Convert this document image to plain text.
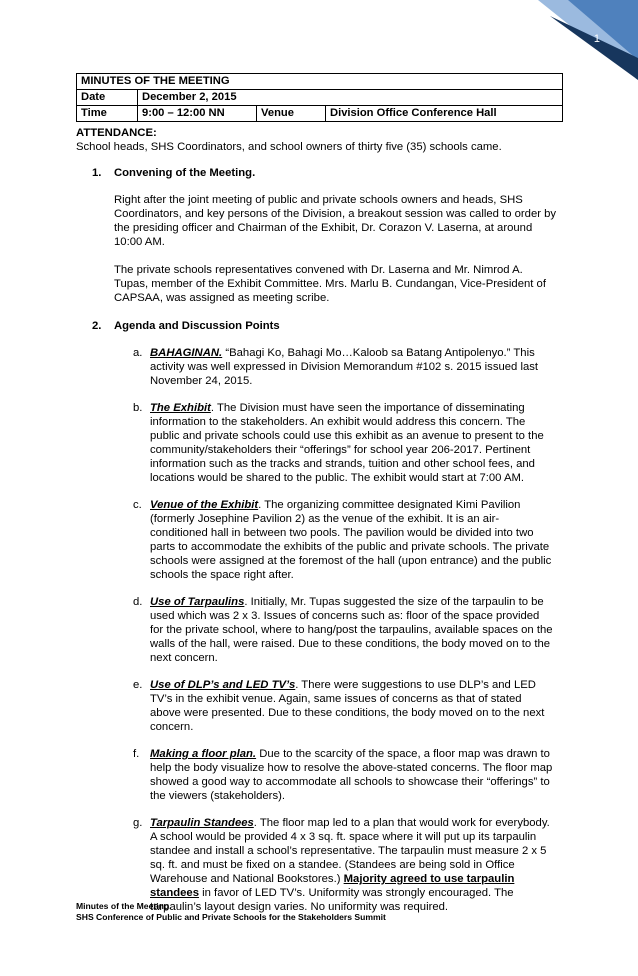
1
MINUTES OF THE MEETING			
Date	December 2, 2015		
Time	9:00 – 12:00 NN	Venue	Division Office Conference Hall

ATTENDANCE:

School heads, SHS Coordinators, and school owners of thirty five (35) schools came.

1. Convening of the Meeting.

Right after the joint meeting of public and private schools owners and heads, SHS

Coordinators, and key persons of the Division, a breakout session was called to order by

the presiding officer and Chairman of the Exhibit, Dr. Corazon V. Laserna, at around

10:00 AM.

The private schools representatives convened with Dr. Laserna and Mr. Nimrod A.

Tupas, member of the Exhibit Committee. Mrs. Marlu B. Cundangan, Vice-President of

CAPSAA, was assigned as meeting scribe.

2. Agenda and Discussion Points

a. BAHAGINAN. “Bahagi Ko, Bahagi Mo…Kaloob sa Batang Antipolenyo.” This

activity was well expressed in Division Memorandum #102 s. 2015 issued last

November 24, 2015.

b. The Exhibit. The Division must have seen the importance of disseminating

information to the stakeholders. An exhibit would address this concern. The

public and private schools could use this exhibit as an avenue to present to the

community/stakeholders their “offerings” for school year 206-2017. Pertinent

information such as the tracks and strands, tuition and other school fees, and

locations would be shared to the public. The exhibit would start at 7:00 AM.

c. Venue of the Exhibit. The organizing committee designated Kimi Pavilion

(formerly Josephine Pavilion 2) as the venue of the exhibit. It is an air-

conditioned hall in between two pools. The pavilion would be divided into two

parts to accommodate the exhibits of the public and private schools. The private

schools were assigned at the foremost of the hall (upon entrance) and the public

schools the space right after.

d. Use of Tarpaulins. Initially, Mr. Tupas suggested the size of the tarpaulin to be

used which was 2 x 3. Issues of concerns such as: floor of the space provided

for the private school, where to hang/post the tarpaulins, available spaces on the

walls of the hall, were raised. Due to these conditions, the body moved on to the

next concern.

e. Use of DLP’s and LED TV’s. There were suggestions to use DLP’s and LED

TV’s in the exhibit venue. Again, same issues of concerns as that of stated

above were presented. Due to these conditions, the body moved on to the next

concern.

f. Making a floor plan. Due to the scarcity of the space, a floor map was drawn to

help the body visualize how to resolve the above-stated concerns. The floor map

showed a good way to accommodate all schools to showcase their “offerings” to

the viewers (stakeholders).

g. Tarpaulin Standees. The floor map led to a plan that would work for everybody.

A school would be provided 4 x 3 sq. ft. space where it will put up its tarpaulin

standee and install a school’s representative. The tarpaulin must measure 2 x 5

sq. ft. and must be fixed on a standee. (Standees are being sold in Office

Warehouse and National Bookstores.) Majority agreed to use tarpaulin

standees in favor of LED TV’s. Uniformity was strongly encouraged. The

tarpaulin’s layout design varies. No uniformity was required.

Minutes of the Meeting.
SHS Conference of Public and Private Schools for the Stakeholders Summit
